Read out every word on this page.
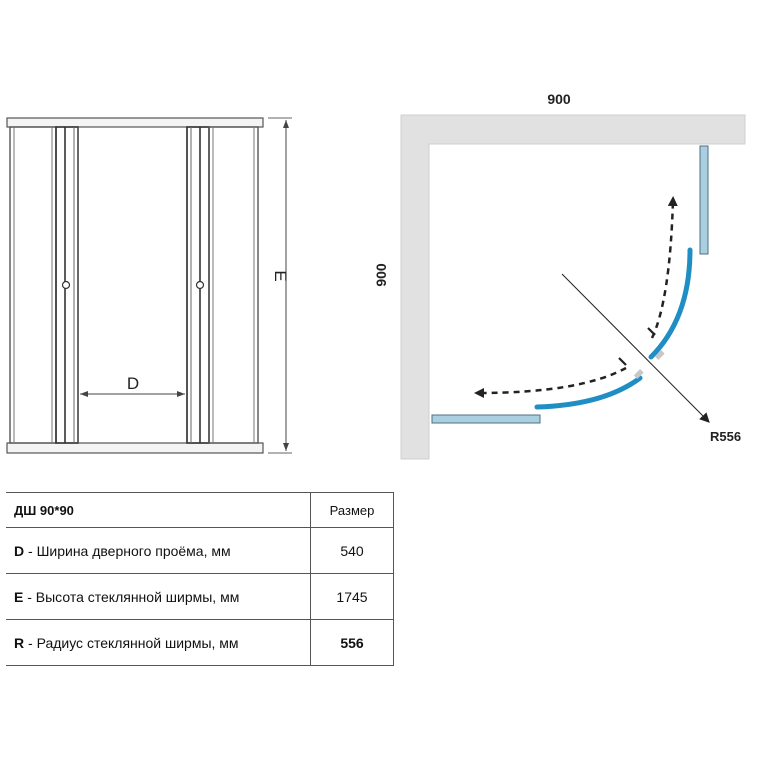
D
E
900
900
R556
ДШ 90*90	Размер
D - Ширина дверного проёма, мм	540
E - Высота стеклянной ширмы, мм	1745
R - Радиус стеклянной ширмы, мм	556
